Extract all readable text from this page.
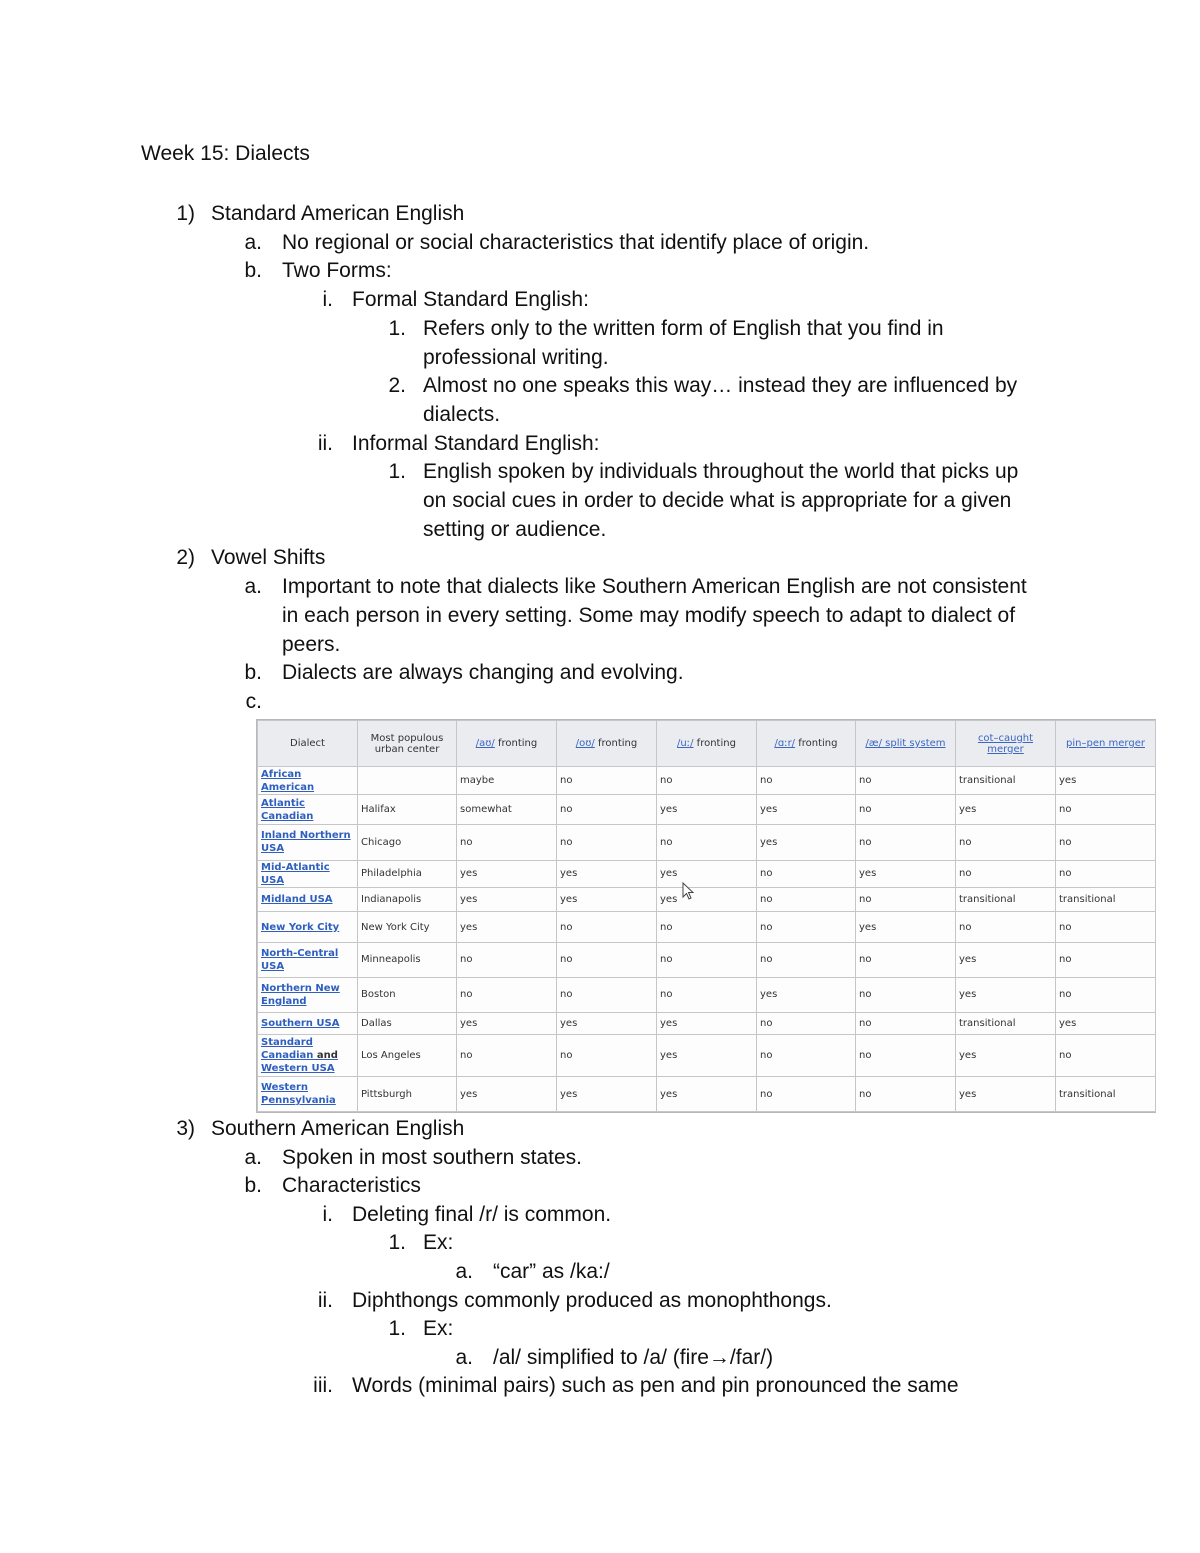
Week 15: Dialects
1) Standard American English
a. No regional or social characteristics that identify place of origin.
b. Two Forms:
i. Formal Standard English:
1. Refers only to the written form of English that you find in
professional writing.
2. Almost no one speaks this way… instead they are influenced by
dialects.
ii. Informal Standard English:
1. English spoken by individuals throughout the world that picks up
on social cues in order to decide what is appropriate for a given
setting or audience.
2) Vowel Shifts
a. Important to note that dialects like Southern American English are not consistent
in each person in every setting. Some may modify speech to adapt to dialect of
peers.
b. Dialects are always changing and evolving.
c.
Dialect	Most populous urban center	/aʊ/ fronting	/oʊ/ fronting	/uː/ fronting	/ɑːr/ fronting	/æ/ split system	cot–caught merger	pin–pen merger
African American		maybe	no	no	no	no	transitional	yes
Atlantic Canadian	Halifax	somewhat	no	yes	yes	no	yes	no
Inland Northern USA	Chicago	no	no	no	yes	no	no	no
Mid-Atlantic USA	Philadelphia	yes	yes	yes	no	yes	no	no
Midland USA	Indianapolis	yes	yes	yes	no	no	transitional	transitional
New York City	New York City	yes	no	no	no	yes	no	no
North-Central USA	Minneapolis	no	no	no	no	no	yes	no
Northern New England	Boston	no	no	no	yes	no	yes	no
Southern USA	Dallas	yes	yes	yes	no	no	transitional	yes
Standard Canadian and
Western USA	Los Angeles	no	no	yes	no	no	yes	no
Western Pennsylvania	Pittsburgh	yes	yes	yes	no	no	yes	transitional
3) Southern American English
a. Spoken in most southern states.
b. Characteristics
i. Deleting final /r/ is common.
1. Ex:
a. “car” as /ka:/
ii. Diphthongs commonly produced as monophthongs.
1. Ex:
a. /al/ simplified to /a/ (fire→/far/)
iii. Words (minimal pairs) such as pen and pin pronounced the same
